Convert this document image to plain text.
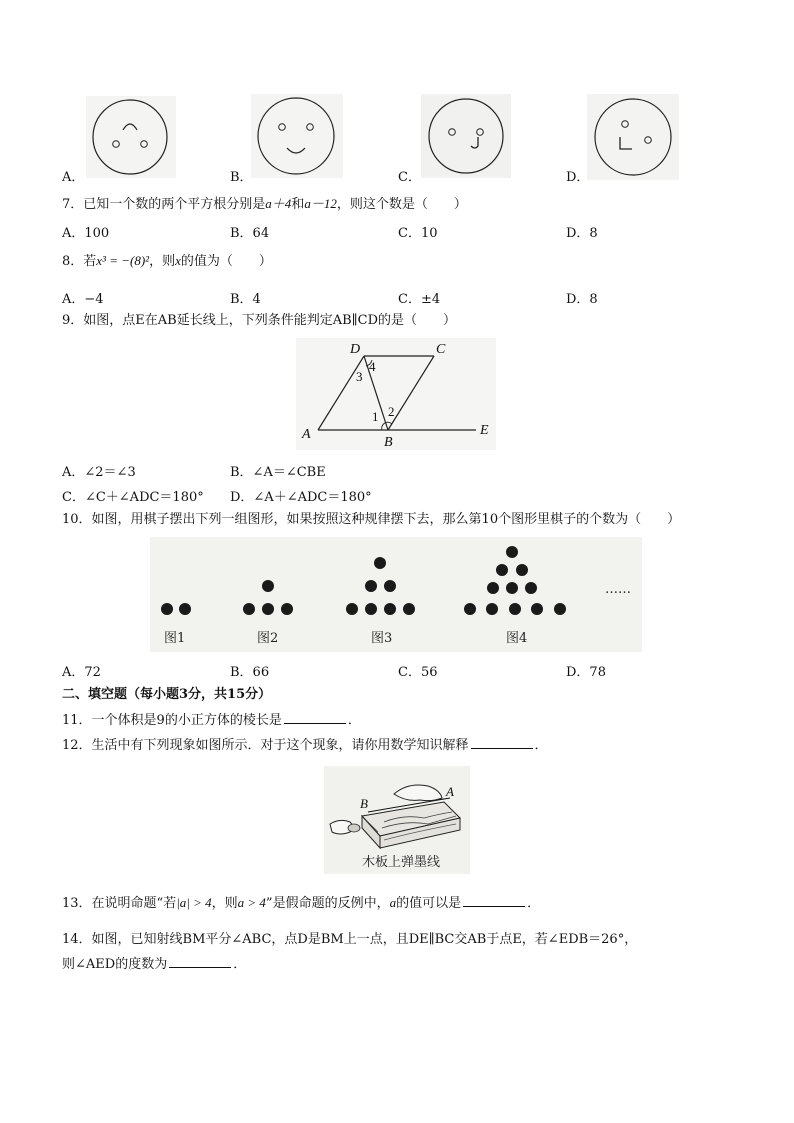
A．	B．	C．	D．
7．已知一个数的两个平方根分别是a＋4和a－12，则这个数是（　　）
A．100	B．64	C．10	D．8
8．若x³ = −(8)²，则x的值为（　　）
A．−4	B．4	C．±4	D．8
9．如图，点E在AB延长线上，下列条件能判定AB∥CD的是（　　）
D	C
A
B
E
1 2
3
4
A．∠2＝∠3	B．∠A＝∠CBE
C．∠C＋∠ADC＝180° D．∠A＋∠ADC＝180°
10．如图，用棋子摆出下列一组图形，如果按照这种规律摆下去，那么第10个图形里棋子的个数为（　　）
图1	图2	图3	图4
……
A．72	B．66	C．56	D．78
二、填空题（每小题3分，共15分）
11．一个体积是9的小正方体的棱长是	．
12．生活中有下列现象如图所示．对于这个现象，请你用数学知识解释	．
B
A
木板上弹墨线
13．在说明命题“若|a| > 4，则a > 4”是假命题的反例中，a的值可以是	．
14．如图，已知射线BM平分∠ABC，点D是BM上一点，且DE∥BC交AB于点E，若∠EDB＝26°，
则∠AED的度数为	．
